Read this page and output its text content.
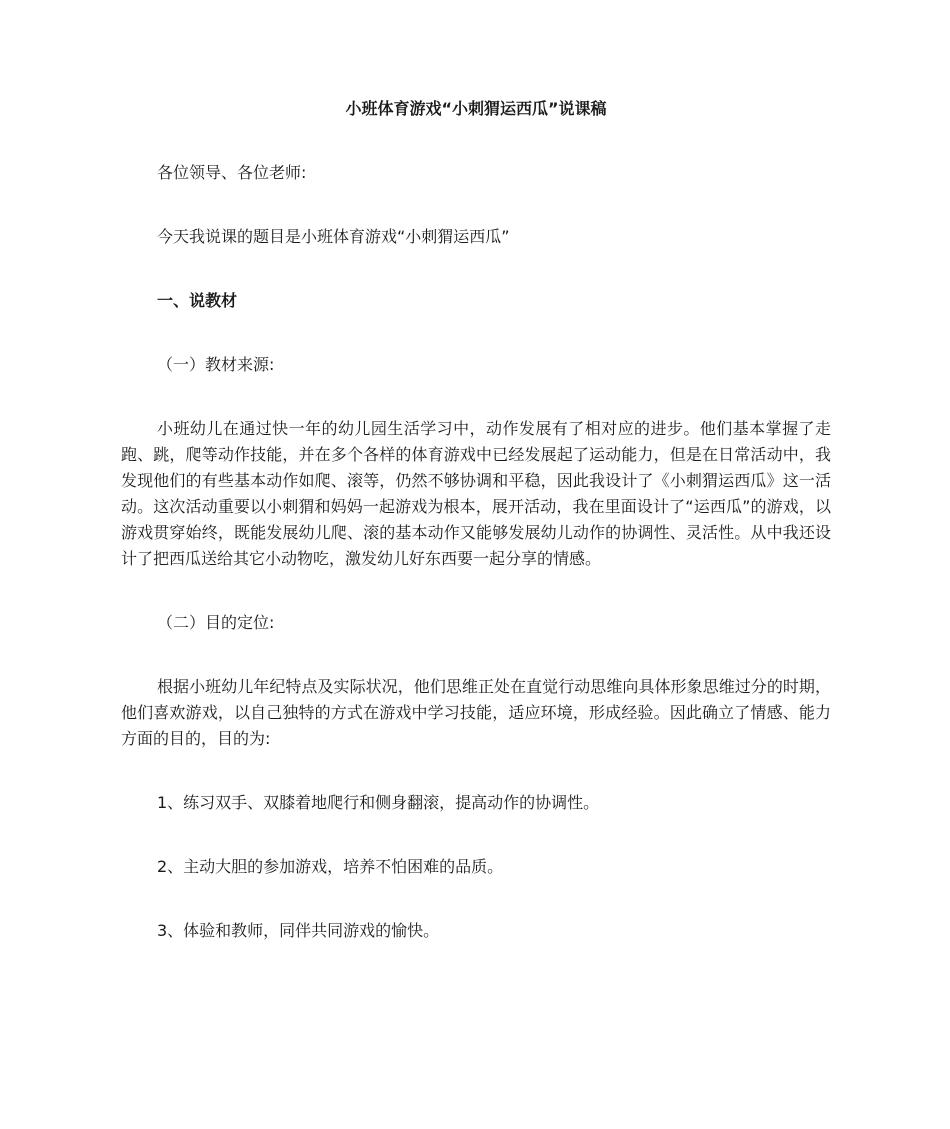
小班体育游戏“小刺猬运西瓜”说课稿
各位领导、各位老师:
今天我说课的题目是小班体育游戏“小刺猬运西瓜”
一、说教材
（一）教材来源:
小班幼儿在通过快一年的幼儿园生活学习中，动作发展有了相对应的进步。他们基本掌握了走跑、跳，爬等动作技能，并在多个各样的体育游戏中已经发展起了运动能力，但是在日常活动中，我发现他们的有些基本动作如爬、滚等，仍然不够协调和平稳，因此我设计了《小刺猬运西瓜》这一活动。这次活动重要以小刺猬和妈妈一起游戏为根本，展开活动，我在里面设计了“运西瓜”的游戏，以游戏贯穿始终，既能发展幼儿爬、滚的基本动作又能够发展幼儿动作的协调性、灵活性。从中我还设计了把西瓜送给其它小动物吃，激发幼儿好东西要一起分享的情感。
（二）目的定位:
根据小班幼儿年纪特点及实际状况，他们思维正处在直觉行动思维向具体形象思维过分的时期，他们喜欢游戏，以自己独特的方式在游戏中学习技能，适应环境，形成经验。因此确立了情感、能力方面的目的，目的为:
1、练习双手、双膝着地爬行和侧身翻滚，提高动作的协调性。
2、主动大胆的参加游戏，培养不怕困难的品质。
3、体验和教师，同伴共同游戏的愉快。
